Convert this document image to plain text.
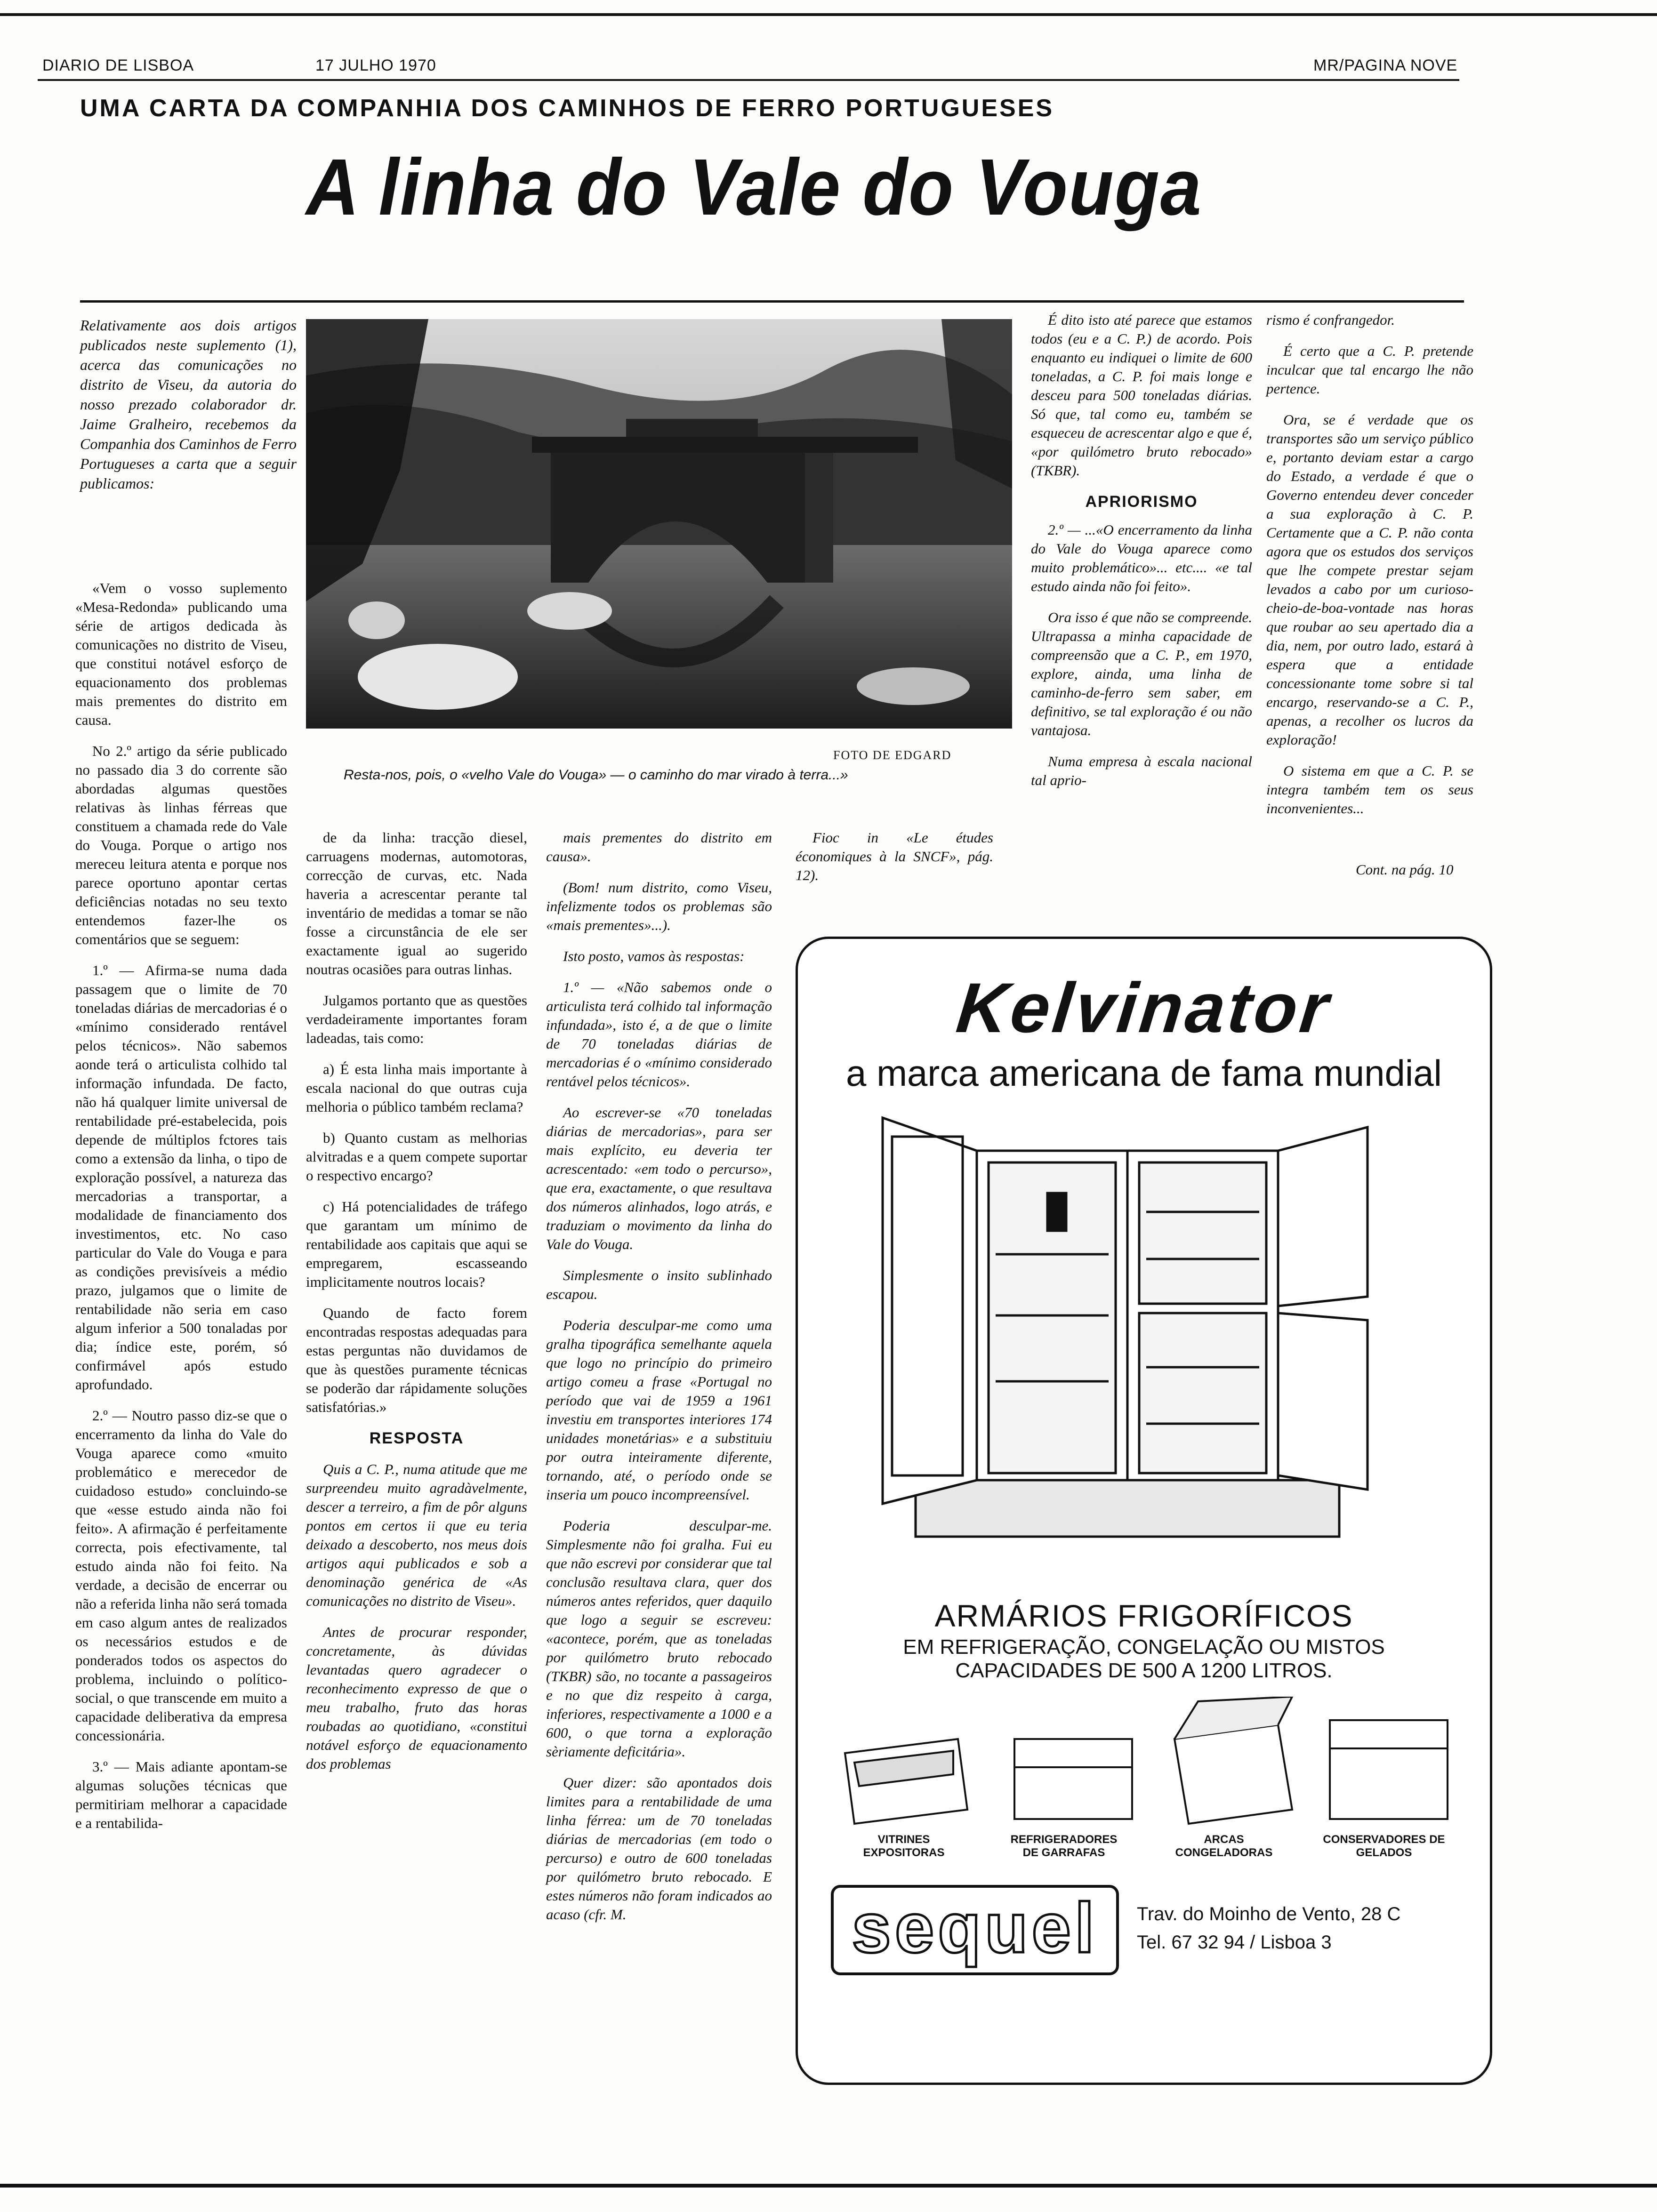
DIARIO DE LISBOA	17 JULHO 1970	MR/PAGINA NOVE
UMA CARTA DA COMPANHIA DOS CAMINHOS DE FERRO PORTUGUESES
A linha do Vale do Vouga
Relativamente aos dois artigos publicados neste suplemento (1), acerca das comunicações no distrito de Viseu, da autoria do nosso prezado colaborador dr. Jaime Gralheiro, recebemos da Companhia dos Caminhos de Ferro Portugueses a carta que a seguir publicamos:
FOTO DE EDGARD
Resta-nos, pois, o «velho Vale do Vouga» — o caminho do mar virado à terra...»

«Vem o vosso suplemento «Mesa-Redonda» publicando uma série de artigos dedicada às comunicações no distrito de Viseu, que constitui notável esforço de equacionamento dos problemas mais prementes do distrito em causa.

No 2.º artigo da série publicado no passado dia 3 do corrente são abordadas algumas questões relativas às linhas férreas que constituem a chamada rede do Vale do Vouga. Porque o artigo nos mereceu leitura atenta e porque nos parece oportuno apontar certas deficiências notadas no seu texto entendemos fazer-lhe os comentários que se seguem:

1.º — Afirma-se numa dada passagem que o limite de 70 toneladas diárias de mercadorias é o «mínimo considerado rentável pelos técnicos». Não sabemos aonde terá o articulista colhido tal informação infundada. De facto, não há qualquer limite universal de rentabilidade pré-estabelecida, pois depende de múltiplos fctores tais como a extensão da linha, o tipo de exploração possível, a natureza das mercadorias a transportar, a modalidade de financiamento dos investimentos, etc. No caso particular do Vale do Vouga e para as condições previsíveis a médio prazo, julgamos que o limite de rentabilidade não seria em caso algum inferior a 500 tonaladas por dia; índice este, porém, só confirmável após estudo aprofundado.

2.º — Noutro passo diz-se que o encerramento da linha do Vale do Vouga aparece como «muito problemático e merecedor de cuidadoso estudo» concluindo-se que «esse estudo ainda não foi feito». A afirmação é perfeitamente correcta, pois efectivamente, tal estudo ainda não foi feito. Na verdade, a decisão de encerrar ou não a referida linha não será tomada em caso algum antes de realizados os necessários estudos e de ponderados todos os aspectos do problema, incluindo o político-social, o que transcende em muito a capacidade deliberativa da empresa concessionária.

3.º — Mais adiante apontam-se algumas soluções técnicas que permitiriam melhorar a capacidade e a rentabilida-

de da linha: tracção diesel, carruagens modernas, automotoras, correcção de curvas, etc. Nada haveria a acrescentar perante tal inventário de medidas a tomar se não fosse a circunstância de ele ser exactamente igual ao sugerido noutras ocasiões para outras linhas.

Julgamos portanto que as questões verdadeiramente importantes foram ladeadas, tais como:

a) É esta linha mais importante à escala nacional do que outras cuja melhoria o público também reclama?

b) Quanto custam as melhorias alvitradas e a quem compete suportar o respectivo encargo?

c) Há potencialidades de tráfego que garantam um mínimo de rentabilidade aos capitais que aqui se empregarem, escasseando implicitamente noutros locais?

Quando de facto forem encontradas respostas adequadas para estas perguntas não duvidamos de que às questões puramente técnicas se poderão dar rápidamente soluções satisfatórias.»

RESPOSTA

Quis a C. P., numa atitude que me surpreendeu muito agradàvelmente, descer a terreiro, a fim de pôr alguns pontos em certos ii que eu teria deixado a descoberto, nos meus dois artigos aqui publicados e sob a denominação genérica de «As comunicações no distrito de Viseu».

Antes de procurar responder, concretamente, às dúvidas levantadas quero agradecer o reconhecimento expresso de que o meu trabalho, fruto das horas roubadas ao quotidiano, «constitui notável esforço de equacionamento dos problemas

mais prementes do distrito em causa».

(Bom! num distrito, como Viseu, infelizmente todos os problemas são «mais prementes»...).

Isto posto, vamos às respostas:

1.º — «Não sabemos onde o articulista terá colhido tal informação infundada», isto é, a de que o limite de 70 toneladas diárias de mercadorias é o «mínimo considerado rentável pelos técnicos».

Ao escrever-se «70 toneladas diárias de mercadorias», para ser mais explícito, eu deveria ter acrescentado: «em todo o percurso», que era, exactamente, o que resultava dos números alinhados, logo atrás, e traduziam o movimento da linha do Vale do Vouga.

Simplesmente o insito sublinhado escapou.

Poderia desculpar-me como uma gralha tipográfica semelhante aquela que logo no princípio do primeiro artigo comeu a frase «Portugal no período que vai de 1959 a 1961 investiu em transportes interiores 174 unidades monetárias» e a substituiu por outra inteiramente diferente, tornando, até, o período onde se inseria um pouco incompreensível.

Poderia desculpar-me. Simplesmente não foi gralha. Fui eu que não escrevi por considerar que tal conclusão resultava clara, quer dos números antes referidos, quer daquilo que logo a seguir se escreveu: «acontece, porém, que as toneladas por quilómetro bruto rebocado (TKBR) são, no tocante a passageiros e no que diz respeito à carga, inferiores, respectivamente a 1000 e a 600, o que torna a exploração sèriamente deficitária».

Quer dizer: são apontados dois limites para a rentabilidade de uma linha férrea: um de 70 toneladas diárias de mercadorias (em todo o percurso) e outro de 600 toneladas por quilómetro bruto rebocado. E estes números não foram indicados ao acaso (cfr. M.

Fioc in «Le études économiques à la SNCF», pág. 12).

É dito isto até parece que estamos todos (eu e a C. P.) de acordo. Pois enquanto eu indiquei o limite de 600 toneladas, a C. P. foi mais longe e desceu para 500 toneladas diárias. Só que, tal como eu, também se esqueceu de acrescentar algo e que é, «por quilómetro bruto rebocado» (TKBR).

APRIORISMO

2.º — ...«O encerramento da linha do Vale do Vouga aparece como muito problemático»... etc.... «e tal estudo ainda não foi feito».

Ora isso é que não se compreende. Ultrapassa a minha capacidade de compreensão que a C. P., em 1970, explore, ainda, uma linha de caminho-de-ferro sem saber, em definitivo, se tal exploração é ou não vantajosa.

Numa empresa à escala nacional tal aprio-

rismo é confrangedor.

É certo que a C. P. pretende inculcar que tal encargo lhe não pertence.

Ora, se é verdade que os transportes são um serviço público e, portanto deviam estar a cargo do Estado, a verdade é que o Governo entendeu dever conceder a sua exploração à C. P. Certamente que a C. P. não conta agora que os estudos dos serviços que lhe compete prestar sejam levados a cabo por um curioso-cheio-de-boa-vontade nas horas que roubar ao seu apertado dia a dia, nem, por outro lado, estará à espera que a entidade concessionante tome sobre si tal encargo, reservando-se a C. P., apenas, a recolher os lucros da exploração!

O sistema em que a C. P. se integra também tem os seus inconvenientes...

Cont. na pág. 10
Kelvinator
a marca americana de fama mundial
ARMÁRIOS FRIGORÍFICOS
EM REFRIGERAÇÃO, CONGELAÇÃO OU MISTOS
CAPACIDADES DE 500 A 1200 LITROS.
VITRINES EXPOSITORAS
REFRIGERADORES DE GARRAFAS
ARCAS CONGELADORAS
CONSERVADORES DE GELADOS
sequel	Trav. do Moinho de Vento, 28 C
Tel. 67 32 94 / Lisboa 3
